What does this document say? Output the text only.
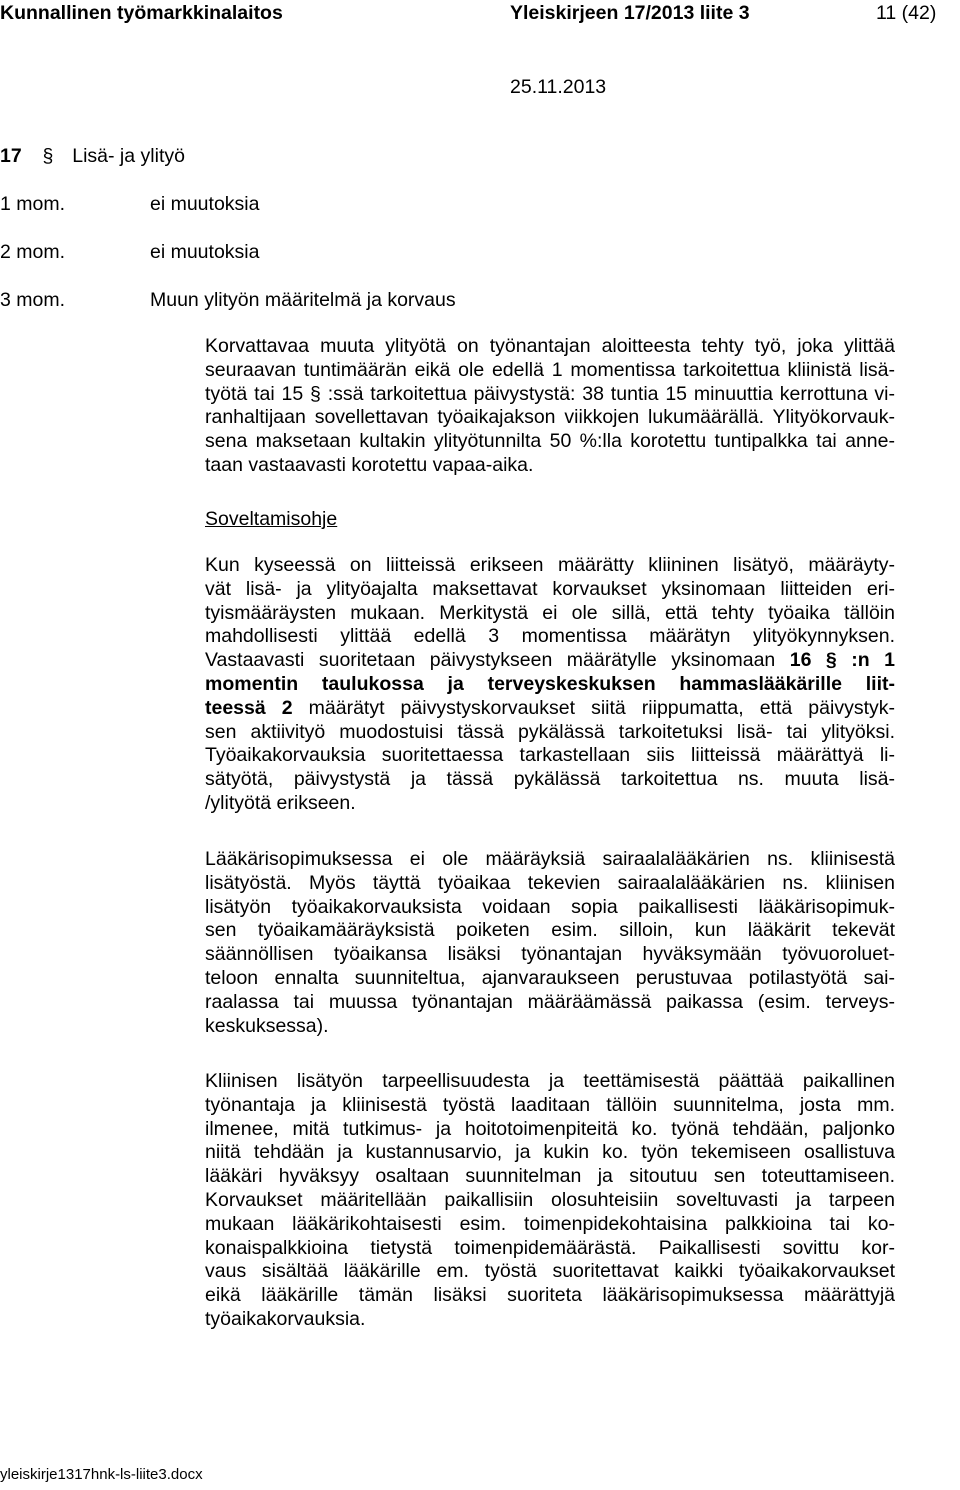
Kunnallinen työmarkkinalaitos	Yleiskirjeen 17/2013 liite 3	11 (42)
25.11.2013
17 § Lisä- ja ylityö
1 mom.	ei muutoksia
2 mom.	ei muutoksia
3 mom.	Muun ylityön määritelmä ja korvaus
Korvattavaa muuta ylityötä on työnantajan aloitteesta tehty työ, joka ylittää
seuraavan tuntimäärän eikä ole edellä 1 momentissa tarkoitettua kliinistä lisä-
työtä tai 15 § :ssä tarkoitettua päivystystä: 38 tuntia 15 minuuttia kerrottuna vi-
ranhaltijaan sovellettavan työaikajakson viikkojen lukumäärällä. Ylityökorvauk-
sena maksetaan kultakin ylityötunnilta 50 %:lla korotettu tuntipalkka tai anne-
taan vastaavasti korotettu vapaa-aika.
Soveltamisohje
Kun kyseessä on liitteissä erikseen määrätty kliininen lisätyö, määräyty-
vät lisä- ja ylityöajalta maksettavat korvaukset yksinomaan liitteiden eri-
tyismääräysten mukaan. Merkitystä ei ole sillä, että tehty työaika tällöin
mahdollisesti ylittää edellä 3 momentissa määrätyn ylityökynnyksen.
Vastaavasti suoritetaan päivystykseen määrätylle yksinomaan 16 § :n 1
momentin taulukossa ja terveyskeskuksen hammaslääkärille liit-
teessä 2 määrätyt päivystyskorvaukset siitä riippumatta, että päivystyk-
sen aktiivityö muodostuisi tässä pykälässä tarkoitetuksi lisä- tai ylityöksi.
Työaikakorvauksia suoritettaessa tarkastellaan siis liitteissä määrättyä li-
sätyötä, päivystystä ja tässä pykälässä tarkoitettua ns. muuta lisä-
/ylityötä erikseen.
Lääkärisopimuksessa ei ole määräyksiä sairaalalääkärien ns. kliinisestä
lisätyöstä. Myös täyttä työaikaa tekevien sairaalalääkärien ns. kliinisen
lisätyön työaikakorvauksista voidaan sopia paikallisesti lääkärisopimuk-
sen työaikamääräyksistä poiketen esim. silloin, kun lääkärit tekevät
säännöllisen työaikansa lisäksi työnantajan hyväksymään työvuoroluet-
teloon ennalta suunniteltua, ajanvaraukseen perustuvaa potilastyötä sai-
raalassa tai muussa työnantajan määräämässä paikassa (esim. terveys-
keskuksessa).
Kliinisen lisätyön tarpeellisuudesta ja teettämisestä päättää paikallinen
työnantaja ja kliinisestä työstä laaditaan tällöin suunnitelma, josta mm.
ilmenee, mitä tutkimus- ja hoitotoimenpiteitä ko. työnä tehdään, paljonko
niitä tehdään ja kustannusarvio, ja kukin ko. työn tekemiseen osallistuva
lääkäri hyväksyy osaltaan suunnitelman ja sitoutuu sen toteuttamiseen.
Korvaukset määritellään paikallisiin olosuhteisiin soveltuvasti ja tarpeen
mukaan lääkärikohtaisesti esim. toimenpidekohtaisina palkkioina tai ko-
konaispalkkioina tietystä toimenpidemäärästä. Paikallisesti sovittu kor-
vaus sisältää lääkärille em. työstä suoritettavat kaikki työaikakorvaukset
eikä lääkärille tämän lisäksi suoriteta lääkärisopimuksessa määrättyjä
työaikakorvauksia.
yleiskirje1317hnk-ls-liite3.docx
